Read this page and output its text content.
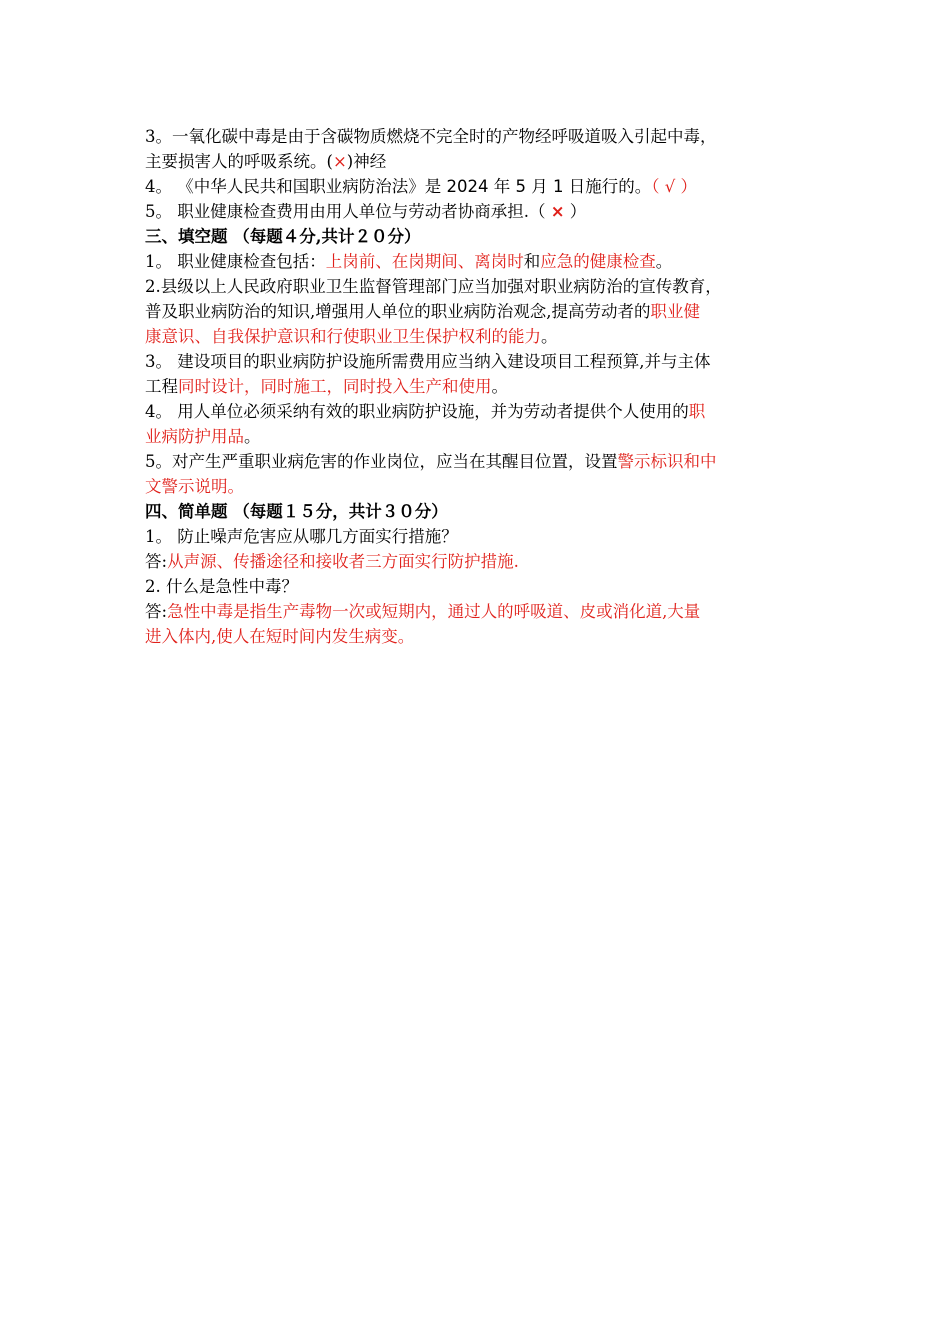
3。一氧化碳中毒是由于含碳物质燃烧不完全时的产物经呼吸道吸入引起中毒，
主要损害人的呼吸系统。(×)神经
4。 《中华人民共和国职业病防治法》是 2024 年 5 月 1 日施行的。（ √ ）
5。 职业健康检查费用由用人单位与劳动者协商承担.（ × ）
三、填空题 （每题４分,共计２０分）
1。 职业健康检查包括：上岗前、在岗期间、离岗时和应急的健康检查。
2.县级以上人民政府职业卫生监督管理部门应当加强对职业病防治的宣传教育，
普及职业病防治的知识,增强用人单位的职业病防治观念,提高劳动者的职业健
康意识、自我保护意识和行使职业卫生保护权利的能力。
3。 建设项目的职业病防护设施所需费用应当纳入建设项目工程预算,并与主体
工程同时设计，同时施工，同时投入生产和使用。
4。 用人单位必须采纳有效的职业病防护设施，并为劳动者提供个人使用的职
业病防护用品。
5。对产生严重职业病危害的作业岗位，应当在其醒目位置，设置警示标识和中
文警示说明。
四、简单题 （每题１５分，共计３０分）
1。 防止噪声危害应从哪几方面实行措施？
答:从声源、传播途径和接收者三方面实行防护措施.
2. 什么是急性中毒？
答:急性中毒是指生产毒物一次或短期内，通过人的呼吸道、皮或消化道,大量
进入体内,使人在短时间内发生病变。
